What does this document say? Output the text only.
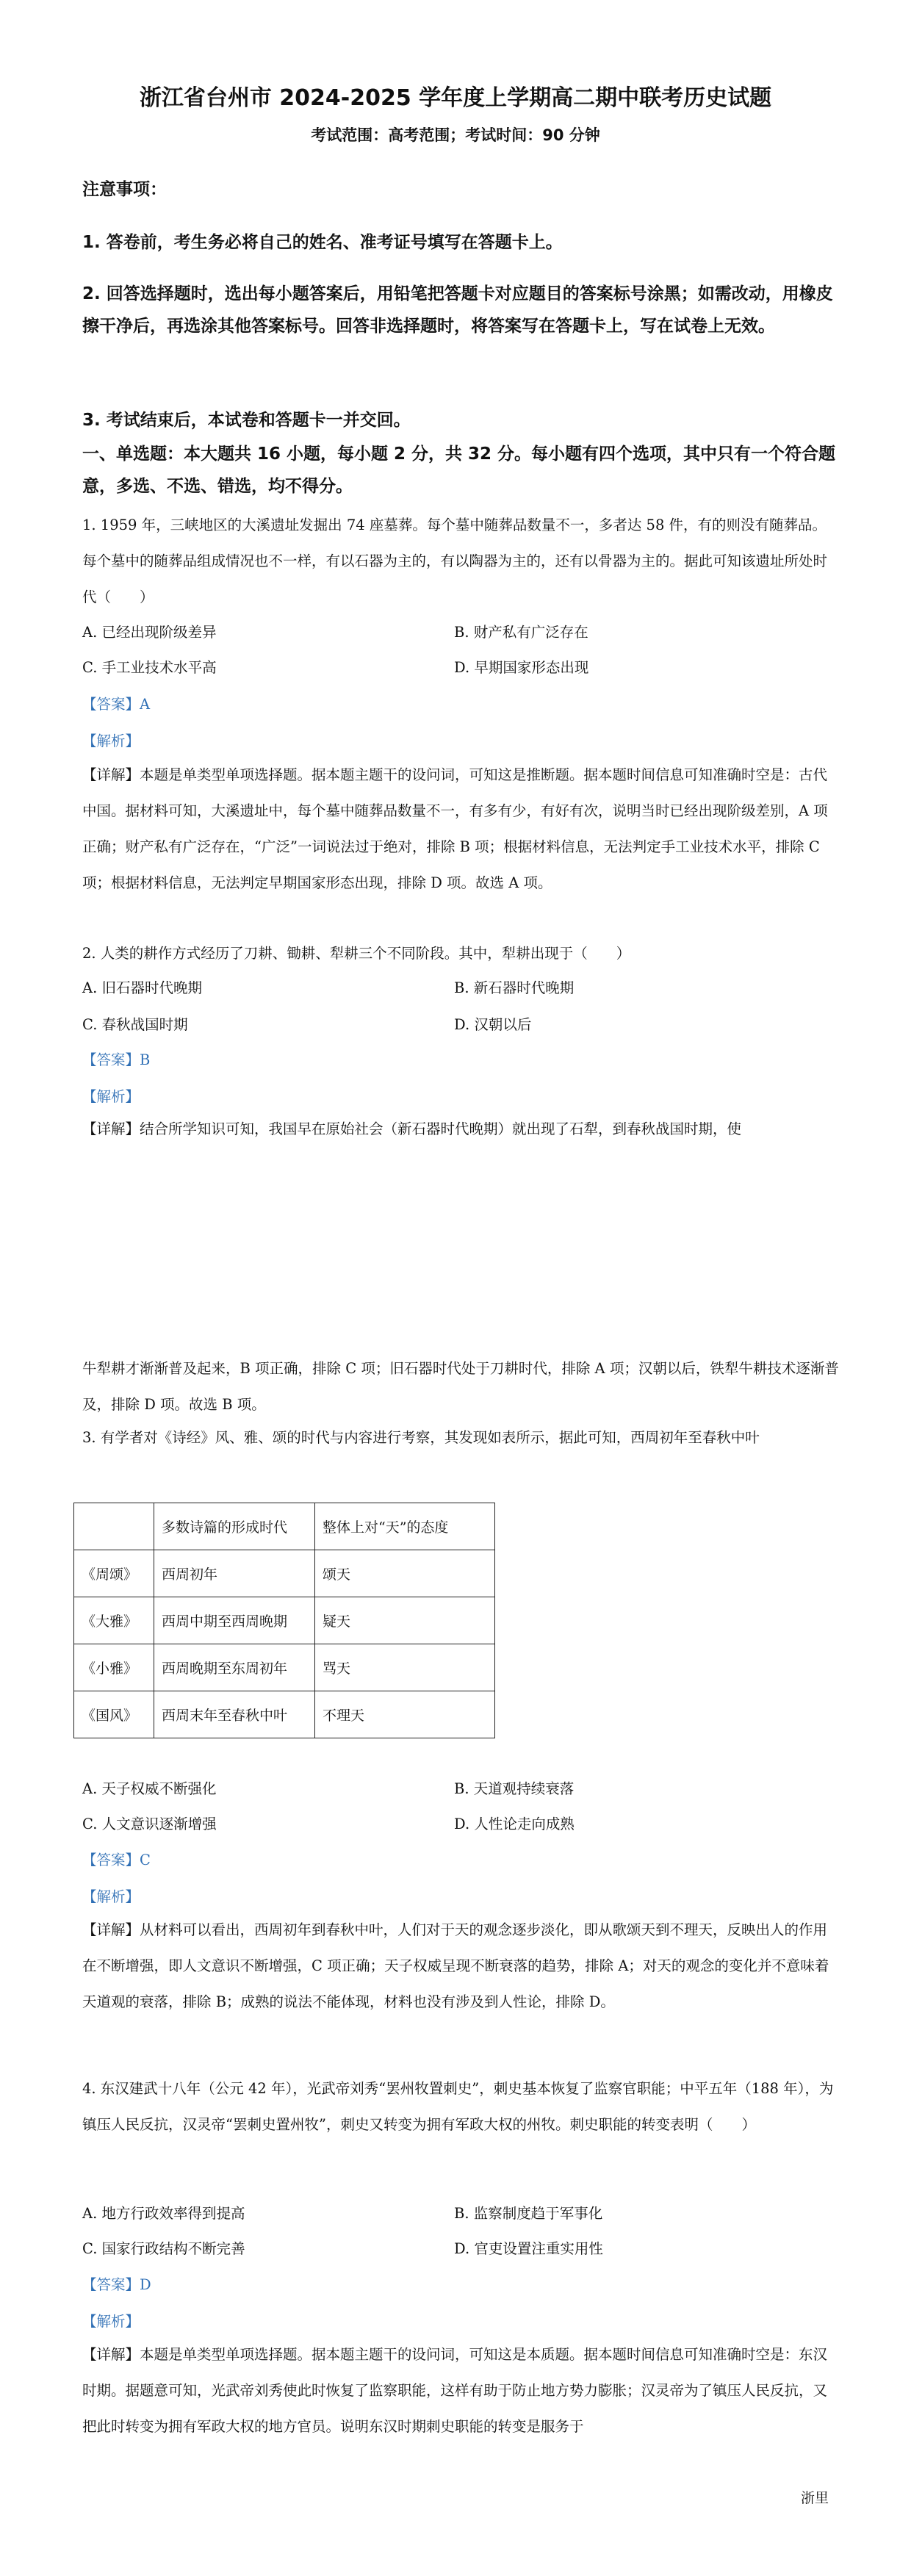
浙江省台州市 2024-2025 学年度上学期高二期中联考历史试题
考试范围：高考范围；考试时间：90 分钟
注意事项：
1. 答卷前，考生务必将自己的姓名、准考证号填写在答题卡上。
2. 回答选择题时，选出每小题答案后，用铅笔把答题卡对应题目的答案标号涂黑；如需改动，用橡皮擦干净后，再选涂其他答案标号。回答非选择题时，将答案写在答题卡上，写在试卷上无效。
3. 考试结束后，本试卷和答题卡一并交回。
一、单选题：本大题共 16 小题，每小题 2 分，共 32 分。每小题有四个选项，其中只有一个符合题意，多选、不选、错选，均不得分。
1. 1959 年，三峡地区的大溪遗址发掘出 74 座墓葬。每个墓中随葬品数量不一，多者达 58 件，有的则没有随葬品。每个墓中的随葬品组成情况也不一样，有以石器为主的，有以陶器为主的，还有以骨器为主的。据此可知该遗址所处时代（　　）
A. 已经出现阶级差异	B. 财产私有广泛存在
C. 手工业技术水平高	D. 早期国家形态出现
【答案】A
【解析】
【详解】本题是单类型单项选择题。据本题主题干的设问词，可知这是推断题。据本题时间信息可知准确时空是：古代中国。据材料可知，大溪遗址中，每个墓中随葬品数量不一，有多有少，有好有次，说明当时已经出现阶级差别，A 项正确；财产私有广泛存在，“广泛”一词说法过于绝对，排除 B 项；根据材料信息，无法判定手工业技术水平，排除 C 项；根据材料信息，无法判定早期国家形态出现，排除 D 项。故选 A 项。
2. 人类的耕作方式经历了刀耕、锄耕、犁耕三个不同阶段。其中，犁耕出现于（　　）
A. 旧石器时代晚期	B. 新石器时代晚期
C. 春秋战国时期	D. 汉朝以后
【答案】B
【解析】
【详解】结合所学知识可知，我国早在原始社会（新石器时代晚期）就出现了石犁，到春秋战国时期，使
牛犁耕才渐渐普及起来，B 项正确，排除 C 项；旧石器时代处于刀耕时代，排除 A 项；汉朝以后，铁犁牛耕技术逐渐普及，排除 D 项。故选 B 项。
3. 有学者对《诗经》风、雅、颂的时代与内容进行考察，其发现如表所示，据此可知，西周初年至春秋中叶
	多数诗篇的形成时代	整体上对“天”的态度
《周颂》	西周初年	颂天
《大雅》	西周中期至西周晚期	疑天
《小雅》	西周晚期至东周初年	骂天
《国风》	西周末年至春秋中叶	不理天
A. 天子权威不断强化	B. 天道观持续衰落
C. 人文意识逐渐增强	D. 人性论走向成熟
【答案】C
【解析】
【详解】从材料可以看出，西周初年到春秋中叶，人们对于天的观念逐步淡化，即从歌颂天到不理天，反映出人的作用在不断增强，即人文意识不断增强，C 项正确；天子权威呈现不断衰落的趋势，排除 A；对天的观念的变化并不意味着天道观的衰落，排除 B；成熟的说法不能体现，材料也没有涉及到人性论，排除 D。
4. 东汉建武十八年（公元 42 年），光武帝刘秀“罢州牧置刺史”，刺史基本恢复了监察官职能；中平五年（188 年），为镇压人民反抗，汉灵帝“罢刺史置州牧”，刺史又转变为拥有军政大权的州牧。刺史职能的转变表明（　　）
A. 地方行政效率得到提高	B. 监察制度趋于军事化
C. 国家行政结构不断完善	D. 官吏设置注重实用性
【答案】D
【解析】
【详解】本题是单类型单项选择题。据本题主题干的设问词，可知这是本质题。据本题时间信息可知准确时空是：东汉时期。据题意可知，光武帝刘秀使此时恢复了监察职能，这样有助于防止地方势力膨胀；汉灵帝为了镇压人民反抗，又把此时转变为拥有军政大权的地方官员。说明东汉时期刺史职能的转变是服务于
浙里
